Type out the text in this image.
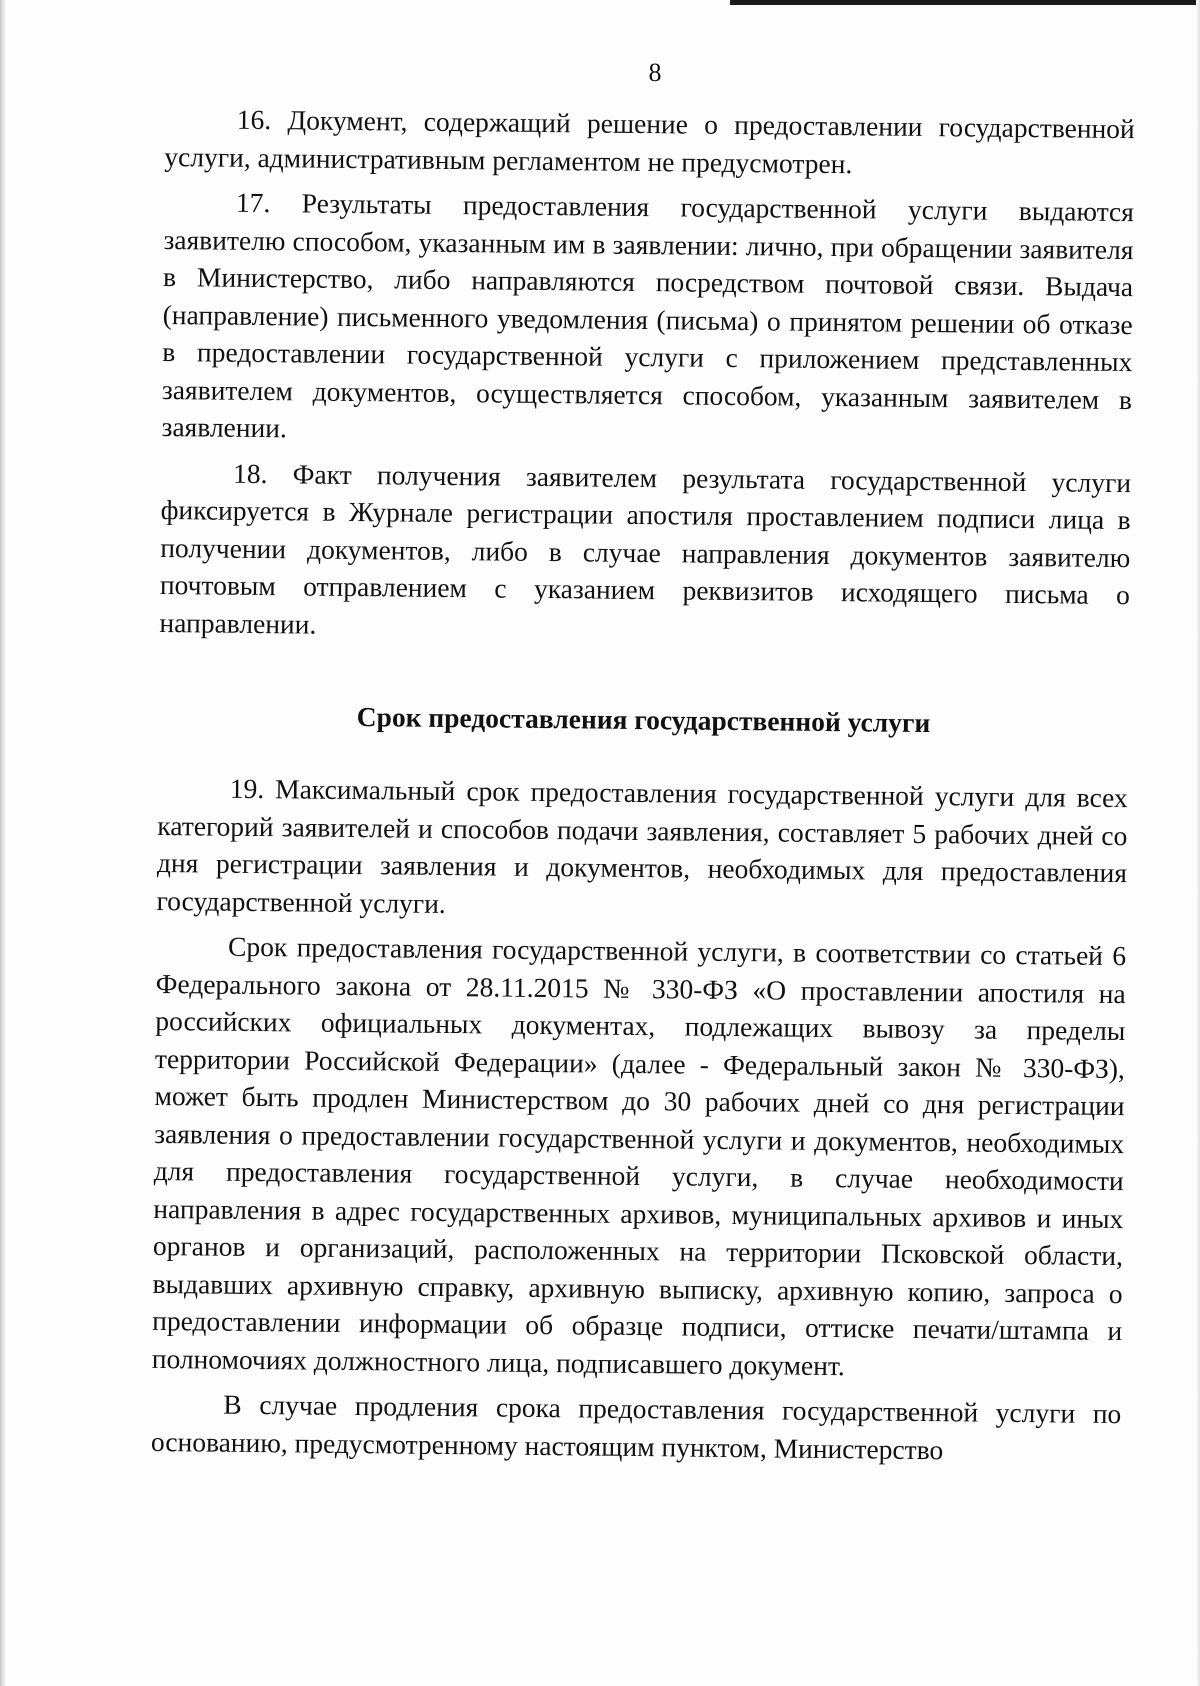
8

16. Документ, содержащий решение о предоставлении государственной услуги, административным регламентом не предусмотрен.

17. Результаты предоставления государственной услуги выдаются заявителю способом, указанным им в заявлении: лично, при обращении заявителя в Министерство, либо направляются посредством почтовой связи. Выдача (направление) письменного уведомления (письма) о принятом решении об отказе в предоставлении государственной услуги с приложением представленных заявителем документов, осуществляется способом, указанным заявителем в заявлении.

18. Факт получения заявителем результата государственной услуги фиксируется в Журнале регистрации апостиля проставлением подписи лица в получении документов, либо в случае направления документов заявителю почтовым отправлением с указанием реквизитов исходящего письма о направлении.

Срок предоставления государственной услуги

19. Максимальный срок предоставления государственной услуги для всех категорий заявителей и способов подачи заявления, составляет 5 рабочих дней со дня регистрации заявления и документов, необходимых для предоставления государственной услуги.

Срок предоставления государственной услуги, в соответствии со статьей 6 Федерального закона от 28.11.2015 № 330-ФЗ «О проставлении апостиля на российских официальных документах, подлежащих вывозу за пределы территории Российской Федерации» (далее - Федеральный закон № 330-ФЗ), может быть продлен Министерством до 30 рабочих дней со дня регистрации заявления о предоставлении государственной услуги и документов, необходимых для предоставления государственной услуги, в случае необходимости направления в адрес государственных архивов, муниципальных архивов и иных органов и организаций, расположенных на территории Псковской области, выдавших архивную справку, архивную выписку, архивную копию, запроса о предоставлении информации об образце подписи, оттиске печати/штампа и полномочиях должностного лица, подписавшего документ.

В случае продления срока предоставления государственной услуги по основанию, предусмотренному настоящим пунктом, Министерство
